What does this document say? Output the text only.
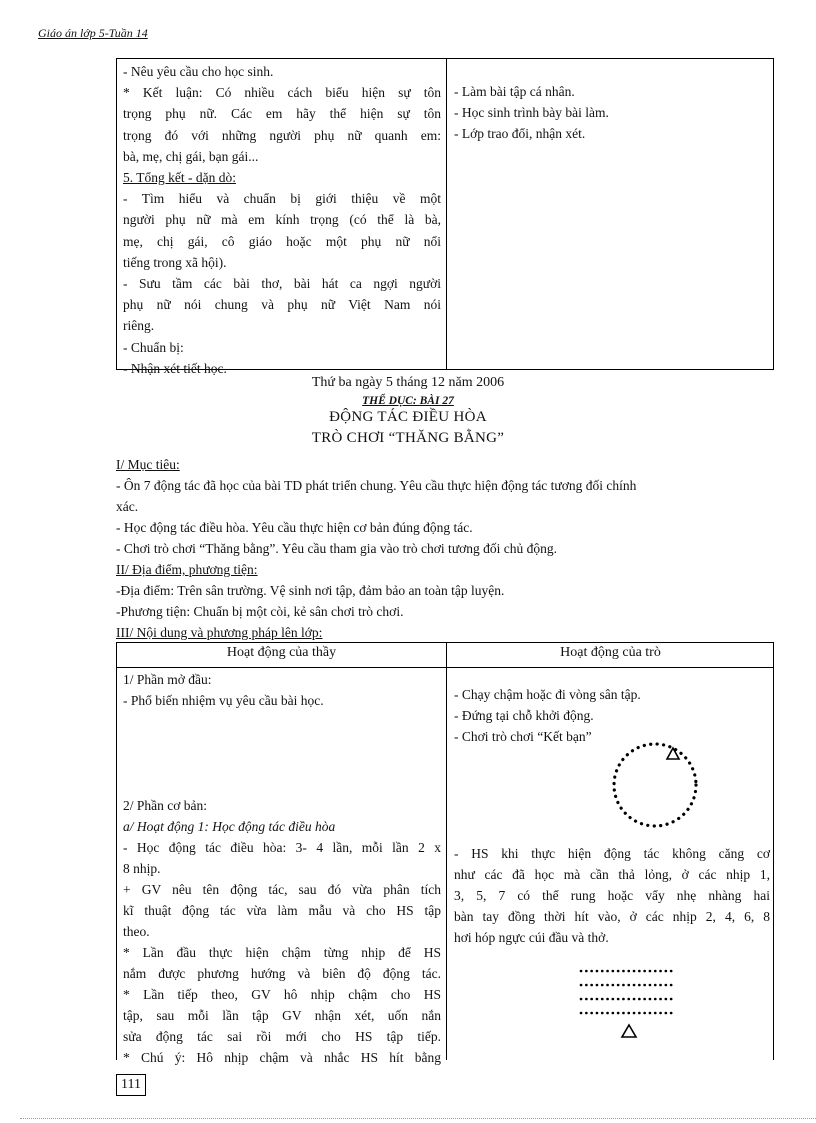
Giáo án lớp 5-Tuần 14
- Nêu yêu cầu cho học sinh.
* Kết luận: Có nhiều cách biểu hiện sự tôn
trọng phụ nữ. Các em hãy thể hiện sự tôn
trọng đó với những người phụ nữ quanh em:
bà, mẹ, chị gái, bạn gái...
5. Tổng kết - dặn dò:
- Tìm hiểu và chuẩn bị giới thiệu về một
người phụ nữ mà em kính trọng (có thể là bà,
mẹ, chị gái, cô giáo hoặc một phụ nữ nổi
tiếng trong xã hội).
- Sưu tầm các bài thơ, bài hát ca ngợi người
phụ nữ nói chung và phụ nữ Việt Nam nói
riêng.
- Chuẩn bị:
- Nhận xét tiết học.
- Làm bài tập cá nhân.
- Học sinh trình bày bài làm.
- Lớp trao đổi, nhận xét.
Thứ ba ngày 5 tháng 12 năm 2006
THỂ DỤC: BÀI 27
ĐỘNG TÁC ĐIỀU HÒA
TRÒ CHƠI “THĂNG BẰNG”
I/ Mục tiêu:
- Ôn 7 động tác đã học của bài TD phát triển chung. Yêu cầu thực hiện động tác tương đối chính
xác.
- Học động tác điều hòa. Yêu cầu thực hiện cơ bản đúng động tác.
- Chơi trò chơi “Thăng bằng”. Yêu cầu tham gia vào trò chơi tương đối chủ động.
II/ Địa điểm, phương tiện:
-Địa điểm: Trên sân trường. Vệ sinh nơi tập, đảm bảo an toàn tập luyện.
-Phương tiện: Chuẩn bị một còi, kẻ sân chơi trò chơi.
III/ Nội dung và phương pháp lên lớp:
Hoạt động của thầy	Hoạt động của trò
1/ Phần mở đầu:
- Phổ biến nhiệm vụ yêu cầu bài học.
2/ Phần cơ bản:
a/ Hoạt động 1: Học động tác điều hòa
- Học động tác điều hòa: 3- 4 lần, mỗi lần 2 x
8 nhịp.
+ GV nêu tên động tác, sau đó vừa phân tích
kĩ thuật động tác vừa làm mẫu và cho HS tập
theo.
* Lần đầu thực hiện chậm từng nhịp để HS
nắm được phương hướng và biên độ động tác.
* Lần tiếp theo, GV hô nhịp chậm cho HS
tập, sau mỗi lần tập GV nhận xét, uốn nắn
sửa động tác sai rồi mới cho HS tập tiếp.
* Chú ý: Hô nhịp chậm và nhắc HS hít bằng
- Chạy chậm hoặc đi vòng sân tập.
- Đứng tại chỗ khởi động.
- Chơi trò chơi “Kết bạn”
- HS khi thực hiện động tác không căng cơ
như các đã học mà cần thả lỏng, ở các nhịp 1,
3, 5, 7 có thể rung hoặc vẩy nhẹ nhàng hai
bàn tay đồng thời hít vào, ở các nhịp 2, 4, 6, 8
hơi hóp ngực cúi đầu và thở.
111
